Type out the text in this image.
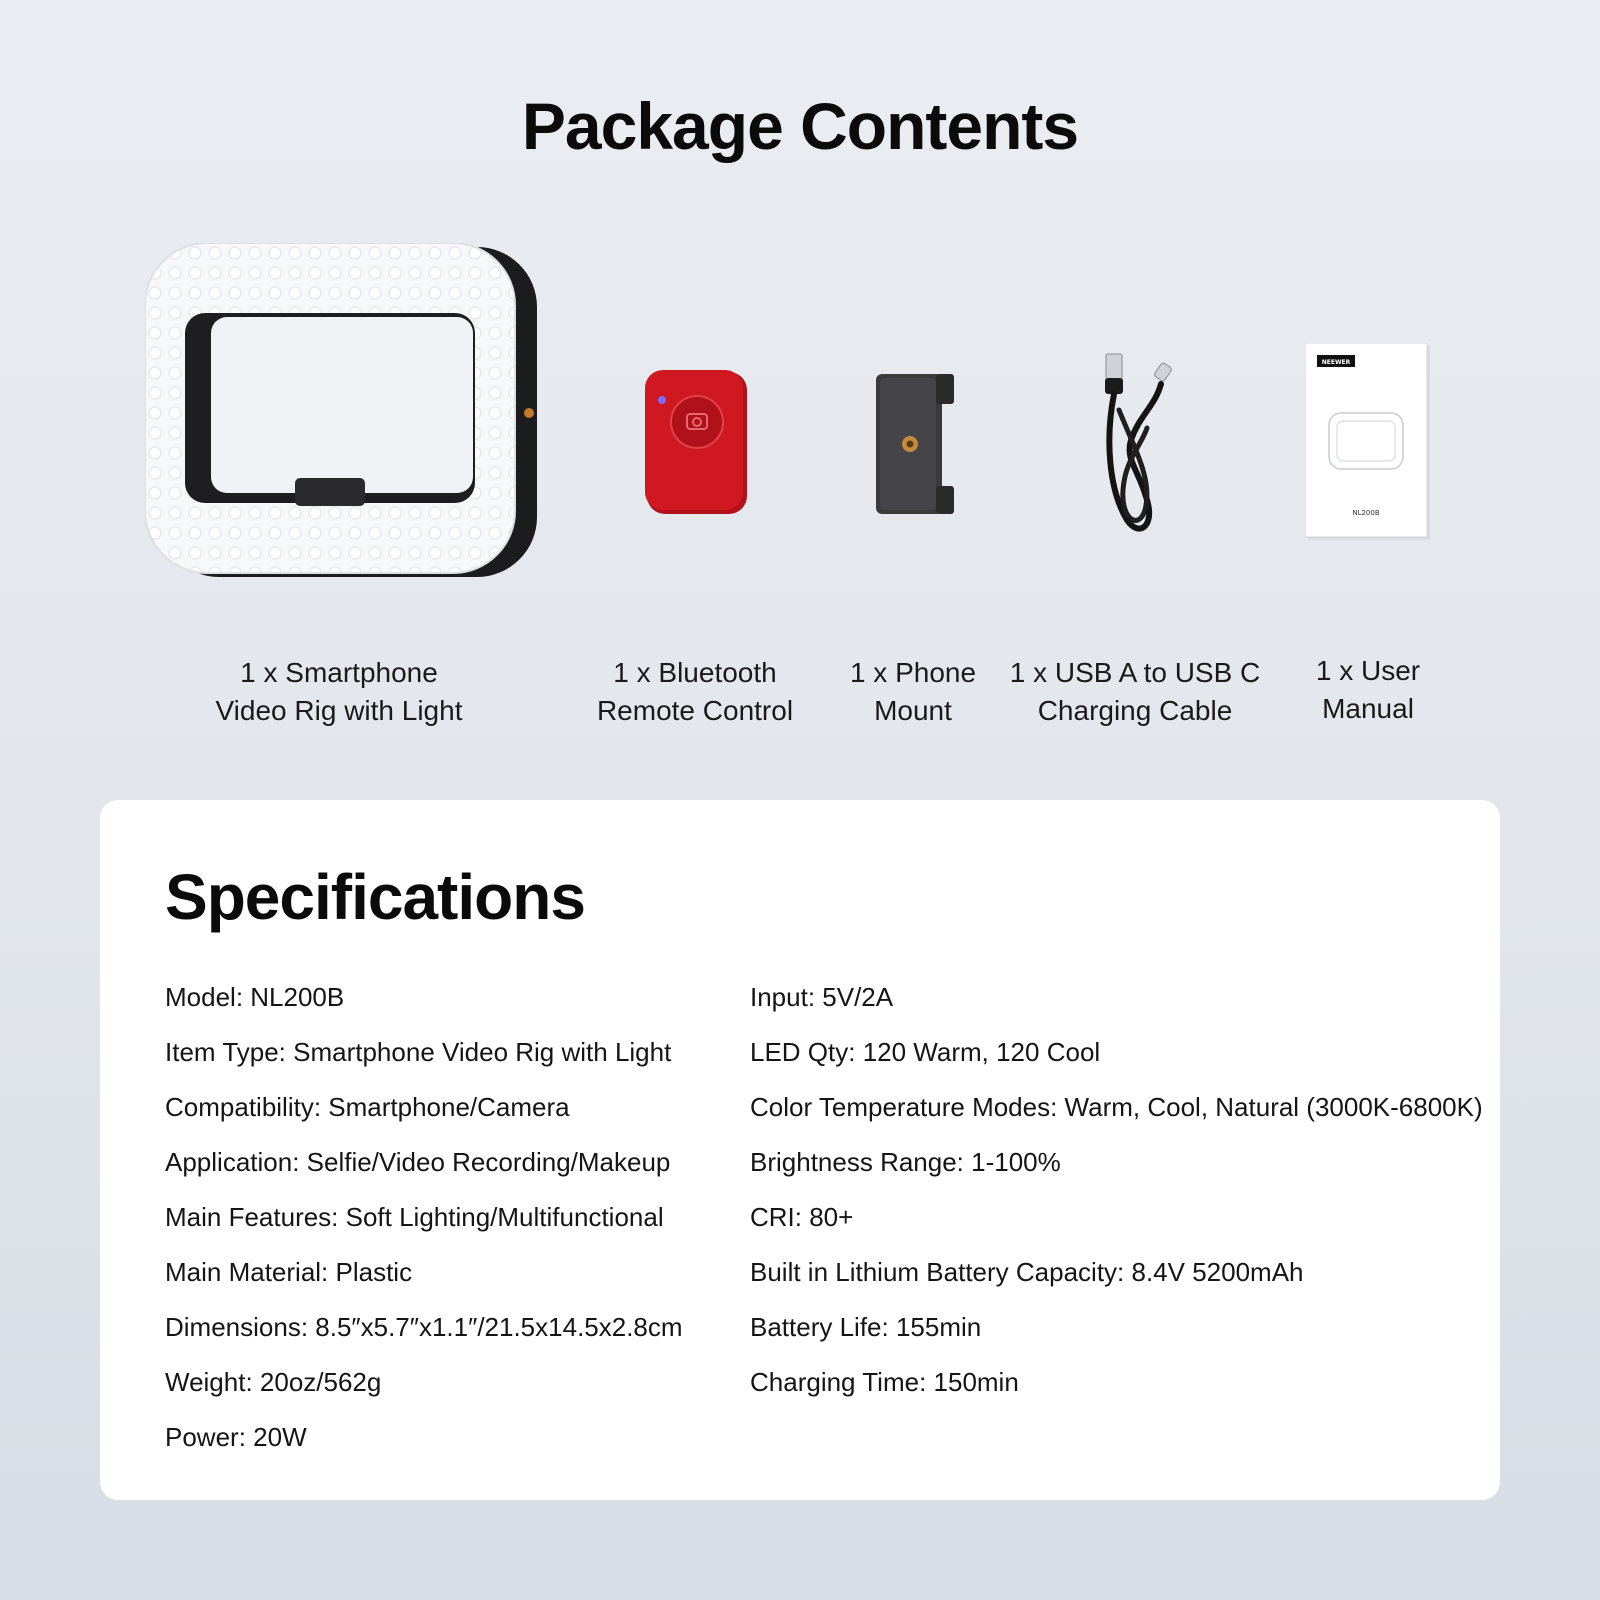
Package Contents
NEEWER
NL200B
1 x Smartphone
Video Rig with Light
1 x Bluetooth
Remote Control
1 x Phone
Mount
1 x USB A to USB C
Charging Cable
1 x User
Manual
Specifications
Model: NL200B
Item Type: Smartphone Video Rig with Light
Compatibility: Smartphone/Camera
Application: Selfie/Video Recording/Makeup
Main Features: Soft Lighting/Multifunctional
Main Material: Plastic
Dimensions: 8.5″x5.7″x1.1″/21.5x14.5x2.8cm
Weight: 20oz/562g
Power: 20W
Input: 5V/2A
LED Qty: 120 Warm, 120 Cool
Color Temperature Modes: Warm, Cool, Natural (3000K-6800K)
Brightness Range: 1-100%
CRI: 80+
Built in Lithium Battery Capacity: 8.4V 5200mAh
Battery Life: 155min
Charging Time: 150min
